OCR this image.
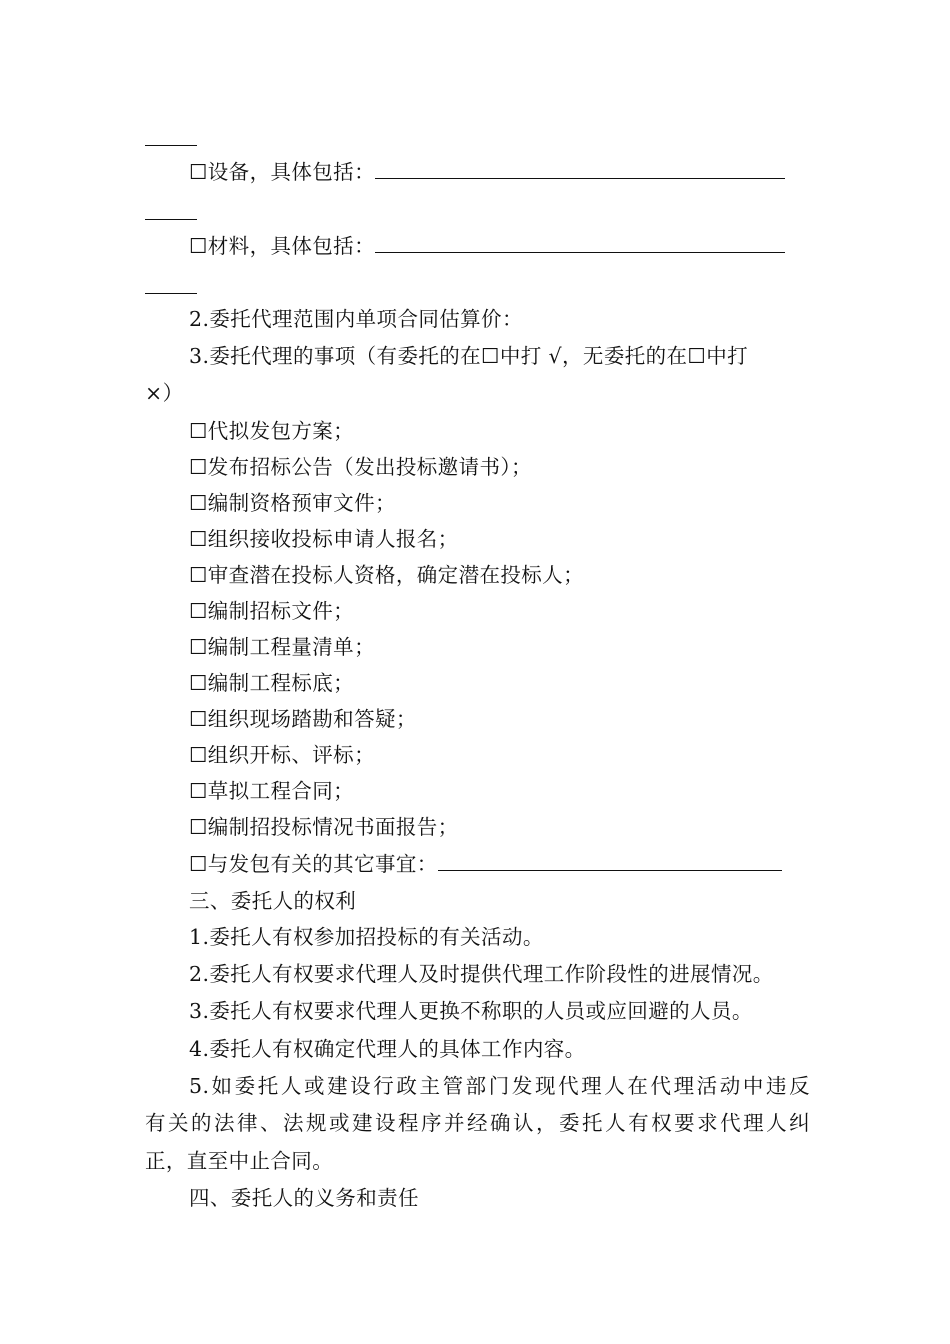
☐设备，具体包括：
☐材料，具体包括：
2.委托代理范围内单项合同估算价：
3.委托代理的事项（有委托的在☐中打 √，无委托的在☐中打
×）
☐代拟发包方案；
☐发布招标公告（发出投标邀请书）；
☐编制资格预审文件；
☐组织接收投标申请人报名；
☐审查潜在投标人资格，确定潜在投标人；
☐编制招标文件；
☐编制工程量清单；
☐编制工程标底；
☐组织现场踏勘和答疑；
☐组织开标、评标；
☐草拟工程合同；
☐编制招投标情况书面报告；
☐与发包有关的其它事宜：
三、委托人的权利
1.委托人有权参加招投标的有关活动。
2.委托人有权要求代理人及时提供代理工作阶段性的进展情况。
3.委托人有权要求代理人更换不称职的人员或应回避的人员。
4.委托人有权确定代理人的具体工作内容。
5.如委托人或建设行政主管部门发现代理人在代理活动中违反
有关的法律、法规或建设程序并经确认，委托人有权要求代理人纠
正，直至中止合同。
四、委托人的义务和责任
